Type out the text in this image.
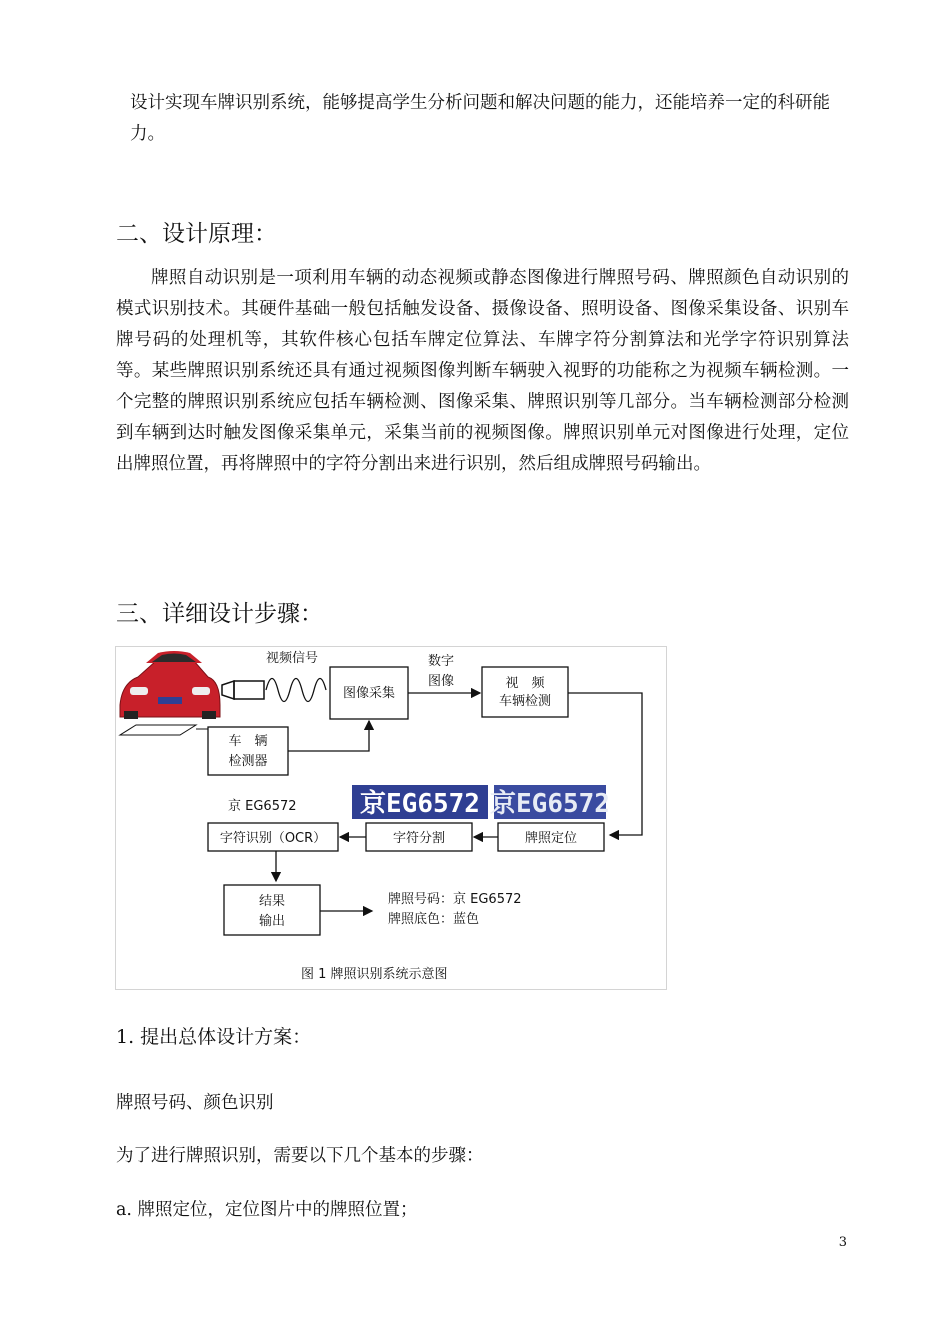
设计实现车牌识别系统，能够提高学生分析问题和解决问题的能力，还能培养一定的科研能力。

二、设计原理：

牌照自动识别是一项利用车辆的动态视频或静态图像进行牌照号码、牌照颜色自动识别的模式识别技术。其硬件基础一般包括触发设备、摄像设备、照明设备、图像采集设备、识别车牌号码的处理机等，其软件核心包括车牌定位算法、车牌字符分割算法和光学字符识别算法等。某些牌照识别系统还具有通过视频图像判断车辆驶入视野的功能称之为视频车辆检测。一个完整的牌照识别系统应包括车辆检测、图像采集、牌照识别等几部分。当车辆检测部分检测到车辆到达时触发图像采集单元，采集当前的视频图像。牌照识别单元对图像进行处理，定位出牌照位置，再将牌照中的字符分割出来进行识别，然后组成牌照号码输出。

三、详细设计步骤：
视频信号
图像采集
数字
图像	视　频
车辆检测
车　辆
检测器
京 EG6572 京EG6572 京EG6572
字符识别（OCR）	字符分割	牌照定位
结果
输出
牌照号码：京 EG6572
牌照底色：蓝色
图 1 牌照识别系统示意图

1. 提出总体设计方案：

牌照号码、颜色识别

为了进行牌照识别，需要以下几个基本的步骤：

a. 牌照定位，定位图片中的牌照位置；

3
